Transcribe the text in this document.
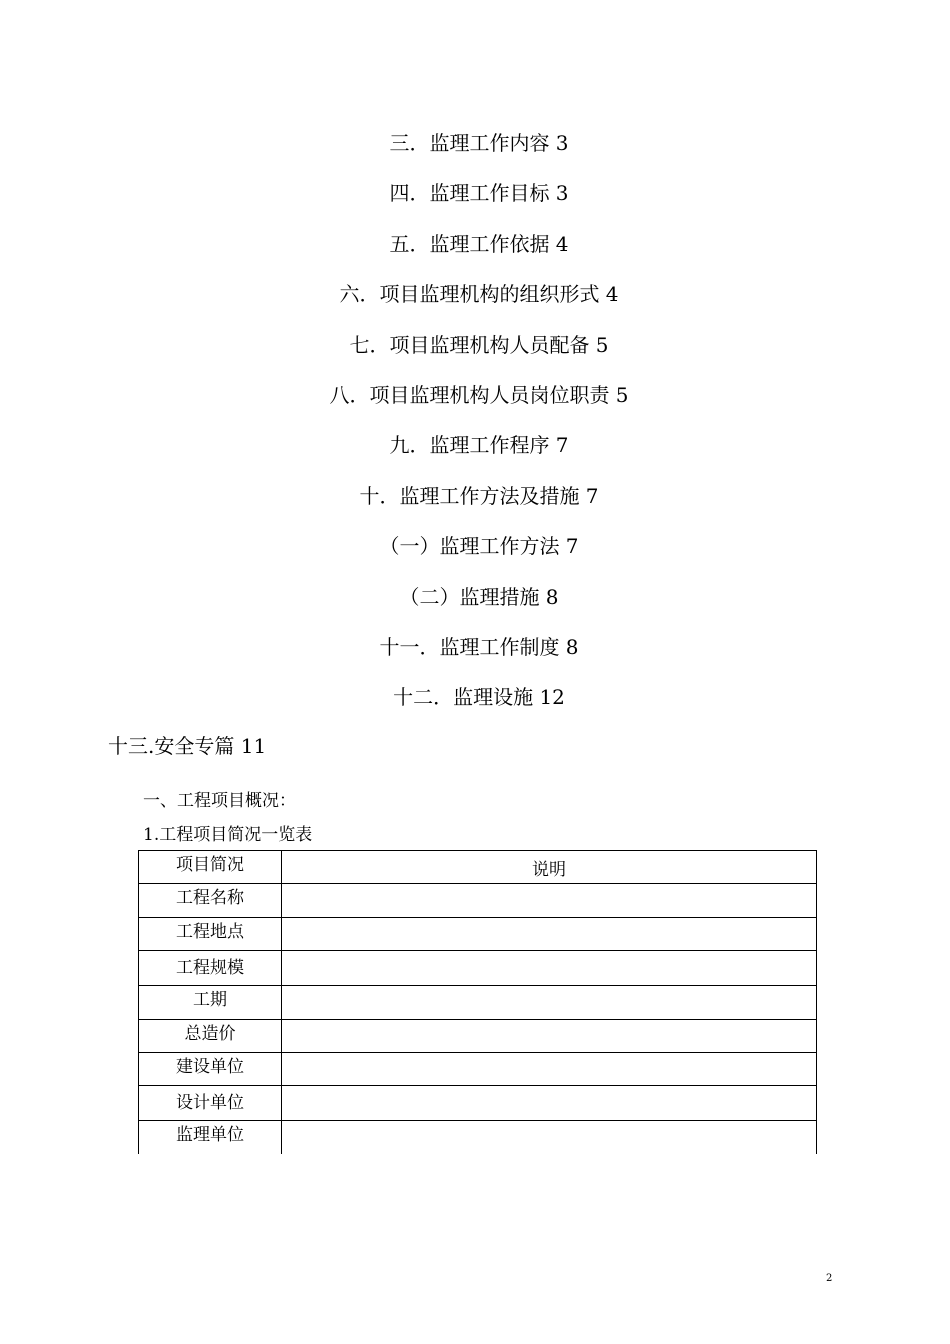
三．监理工作内容 3
四．监理工作目标 3
五．监理工作依据 4
六．项目监理机构的组织形式 4
七．项目监理机构人员配备 5
八．项目监理机构人员岗位职责 5
九．监理工作程序 7
十．监理工作方法及措施 7
（一）监理工作方法 7
（二）监理措施 8
十一．监理工作制度 8
十二．监理设施 12
十三.安全专篇 11
一、工程项目概况：
1.工程项目简况一览表
项目简况	说明
工程名称	
工程地点	
工程规模	
工期	
总造价	
建设单位	
设计单位	
监理单位	
2
